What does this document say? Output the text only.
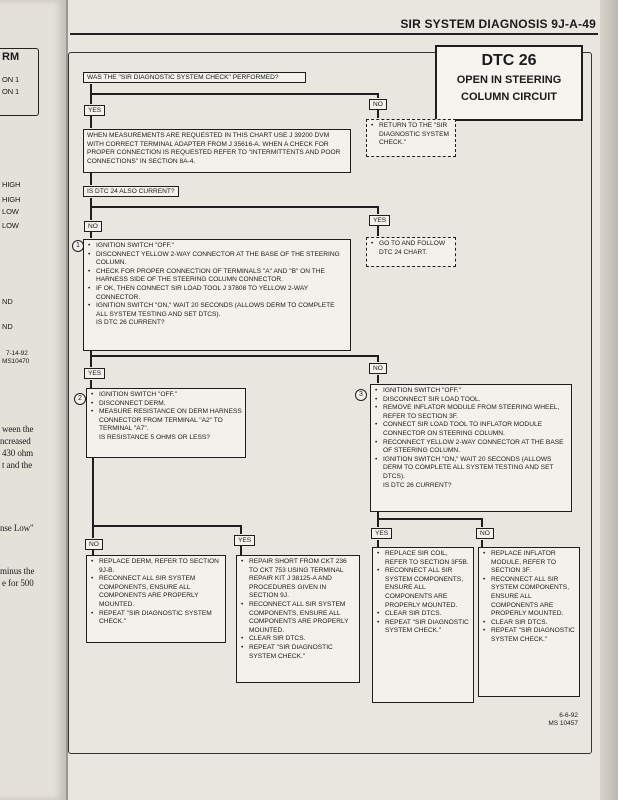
RM
ON 1
ON 1
HIGH
HIGH
LOW
LOW
ND
ND
7-14-92
MS10470
ween the
ncreased
430 ohm
t and the
nse Low"
minus the
e for 500
SIR SYSTEM DIAGNOSIS 9J-A-49
DTC 26
OPEN IN STEERING
COLUMN CIRCUIT
WAS THE "SIR DIAGNOSTIC SYSTEM CHECK" PERFORMED?
YES
NO
• RETURN TO THE "SIR DIAGNOSTIC SYSTEM CHECK."
WHEN MEASUREMENTS ARE REQUESTED IN THIS CHART USE J 39200 DVM WITH CORRECT TERMINAL ADAPTER FROM J 35616-A. WHEN A CHECK FOR PROPER CONNECTION IS REQUESTED REFER TO "INTERMITTENTS AND POOR CONNECTIONS" IN SECTION 8A-4.
IS DTC 24 ALSO CURRENT?
NO
YES
• GO TO AND FOLLOW DTC 24 CHART.
1
•	IGNITION SWITCH "OFF."
• DISCONNECT YELLOW 2-WAY CONNECTOR AT THE BASE OF THE STEERING COLUMN.
• CHECK FOR PROPER CONNECTION OF TERMINALS "A" AND "B" ON THE HARNESS SIDE OF THE STEERING COLUMN CONNECTOR.
• IF OK, THEN CONNECT SIR LOAD TOOL J 37808 TO YELLOW 2-WAY CONNECTOR.
• IGNITION SWITCH "ON," WAIT 20 SECONDS (ALLOWS DERM TO COMPLETE ALL SYSTEM TESTING AND SET DTCS).
IS DTC 26 CURRENT?
YES
NO
2
• IGNITION SWITCH "OFF."
• DISCONNECT DERM.
• MEASURE RESISTANCE ON DERM HARNESS CONNECTOR FROM TERMINAL "A2" TO TERMINAL "A7".
IS RESISTANCE 5 OHMS OR LESS?
3
• IGNITION SWITCH "OFF."
• DISCONNECT SIR LOAD TOOL.
• REMOVE INFLATOR MODULE FROM STEERING WHEEL, REFER TO SECTION 3F.
• CONNECT SIR LOAD TOOL TO INFLATOR MODULE CONNECTOR ON STEERING COLUMN.
• RECONNECT YELLOW 2-WAY CONNECTOR AT THE BASE OF STEERING COLUMN.
• IGNITION SWITCH "ON," WAIT 20 SECONDS (ALLOWS DERM TO COMPLETE ALL SYSTEM TESTING AND SET DTCS).
IS DTC 26 CURRENT?
NO
YES
YES	NO
• REPLACE DERM, REFER TO SECTION 9J-B.
• RECONNECT ALL SIR SYSTEM COMPONENTS, ENSURE ALL COMPONENTS ARE PROPERLY MOUNTED.
• REPEAT "SIR DIAGNOSTIC SYSTEM CHECK."
• REPAIR SHORT FROM CKT 236 TO CKT 753 USING TERMINAL REPAIR KIT J 38125-A AND PROCEDURES GIVEN IN SECTION 9J.
• RECONNECT ALL SIR SYSTEM COMPONENTS, ENSURE ALL COMPONENTS ARE PROPERLY MOUNTED.
• CLEAR SIR DTCS.
• REPEAT "SIR DIAGNOSTIC SYSTEM CHECK."
• REPLACE SIR COIL, REFER TO SECTION 3F5B.
• RECONNECT ALL SIR SYSTEM COMPONENTS, ENSURE ALL COMPONENTS ARE PROPERLY MOUNTED.
• CLEAR SIR DTCS.
• REPEAT "SIR DIAGNOSTIC SYSTEM CHECK."
• REPLACE INFLATOR MODULE, REFER TO SECTION 3F.
• RECONNECT ALL SIR SYSTEM COMPONENTS, ENSURE ALL COMPONENTS ARE PROPERLY MOUNTED.
• CLEAR SIR DTCS.
• REPEAT "SIR DIAGNOSTIC SYSTEM CHECK."
6-6-92
MS 10457
